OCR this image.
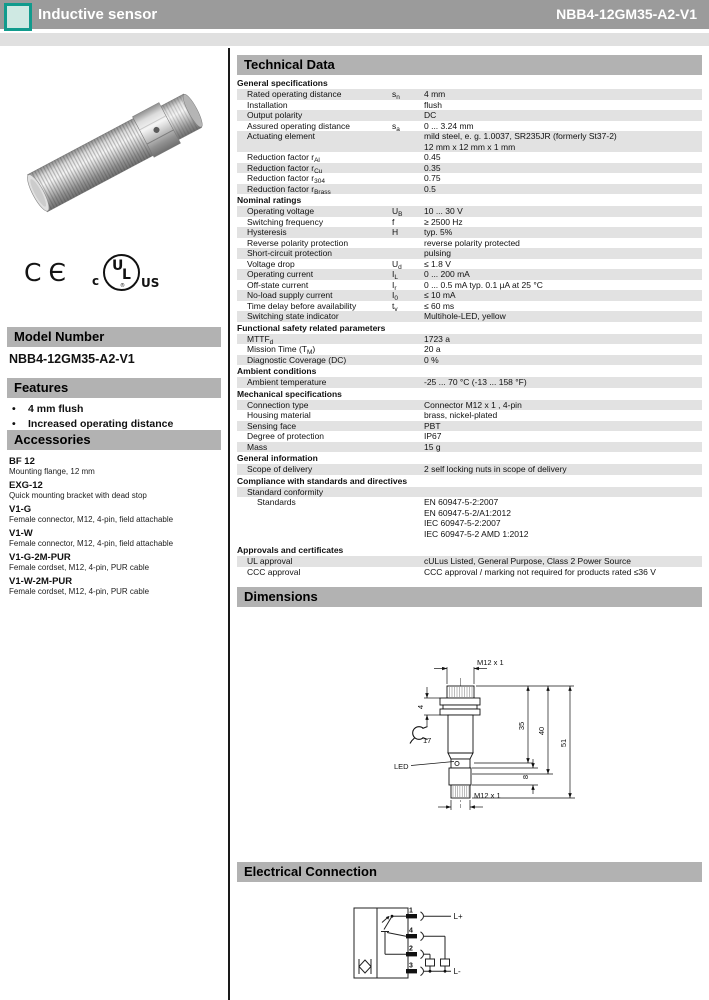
Inductive sensor	NBB4-12GM35-A2-V1
CЄ c
U
L
® US
Model Number
NBB4-12GM35-A2-V1
Features
• 4 mm flush
• Increased operating distance
Accessories
BF 12
Mounting flange, 12 mm
EXG-12
Quick mounting bracket with dead stop
V1-G
Female connector, M12, 4-pin, field attachable
V1-W
Female connector, M12, 4-pin, field attachable
V1-G-2M-PUR
Female cordset, M12, 4-pin, PUR cable
V1-W-2M-PUR
Female cordset, M12, 4-pin, PUR cable
Technical Data
General specifications
Rated operating distance	$s_n$	4 mm
Installation	flush
Output polarity	DC
Assured operating distance	$s_a$	0 ... 3.24 mm
Actuating element	mild steel, e. g. 1.0037, SR235JR (formerly St37-2)
12 mm x 12 mm x 1 mm
Reduction factor $r_{Al}$	0.45
Reduction factor $r_{Cu}$	0.35
Reduction factor $r_{304}$	0.75
Reduction factor $r_{Brass}$	0.5
Nominal ratings
Operating voltage	$U_B$	10 ... 30 V
Switching frequency	f	≥ 2500 Hz
Hysteresis	H	typ. 5%
Reverse polarity protection	reverse polarity protected
Short-circuit protection	pulsing
Voltage drop	$U_d$	≤ 1.8 V
Operating current	$I_L$	0 ... 200 mA
Off-state current	$I_r$	0 ... 0.5 mA typ. 0.1 µA at 25 °C
No-load supply current	$I_0$	≤ 10 mA
Time delay before availability	$t_v$	≤ 60 ms
Switching state indicator	Multihole-LED, yellow
Functional safety related parameters
$MTTF_d$	1723 a
Mission Time $(T_M)$	20 a
Diagnostic Coverage (DC)	0 %
Ambient conditions
Ambient temperature	-25 ... 70 °C (-13 ... 158 °F)
Mechanical specifications
Connection type	Connector M12 x 1 , 4-pin
Housing material	brass, nickel-plated
Sensing face	PBT
Degree of protection	IP67
Mass	15 g
General information
Scope of delivery	2 self locking nuts in scope of delivery
Compliance with standards and directives
Standard conformity
Standards	EN 60947-5-2:2007
EN 60947-5-2/A1:2012
IEC 60947-5-2:2007
IEC 60947-5-2 AMD 1:2012
Approvals and certificates
UL approval	cULus Listed, General Purpose, Class 2 Power Source
CCC approval	CCC approval / marking not required for products rated ≤36 V
Dimensions
M12 x 1
4
17
LED
35
40
51
8
M12 x 1
Electrical Connection
1
4
2
3
L+
L-
